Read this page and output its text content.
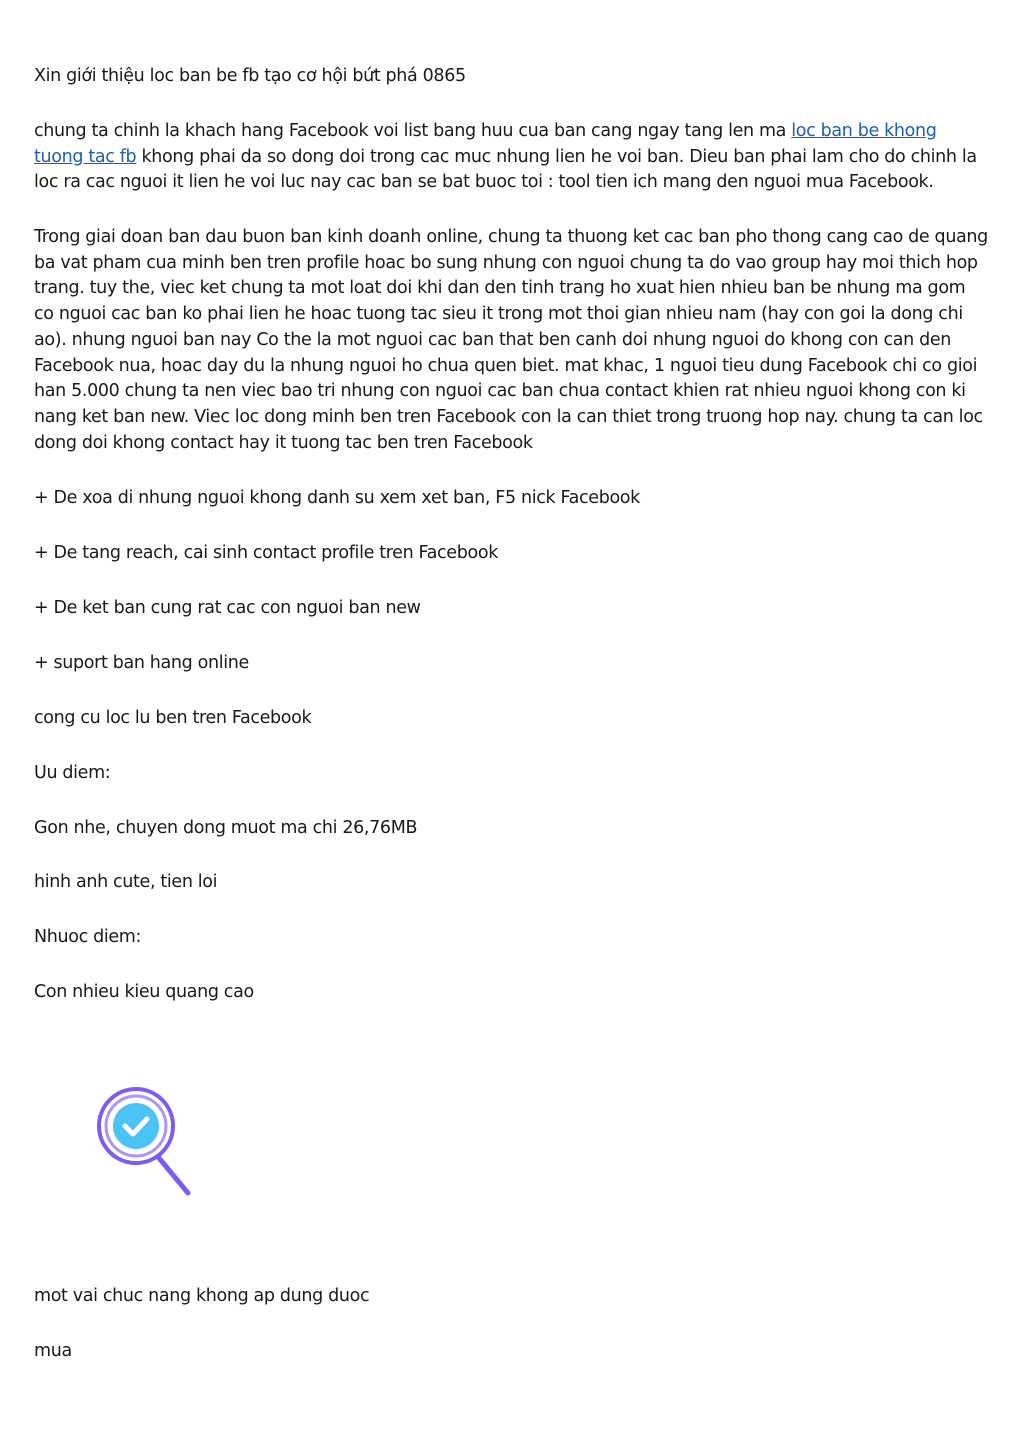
Xin giới thiệu loc ban be fb tạo cơ hội bứt phá 0865

chung ta chinh la khach hang Facebook voi list bang huu cua ban cang ngay tang len ma loc ban be khong tuong tac fb khong phai da so dong doi trong cac muc nhung lien he voi ban. Dieu ban phai lam cho do chinh la loc ra cac nguoi it lien he voi luc nay cac ban se bat buoc toi : tool tien ich mang den nguoi mua Facebook.

Trong giai doan ban dau buon ban kinh doanh online, chung ta thuong ket cac ban pho thong cang cao de quang ba vat pham cua minh ben tren profile hoac bo sung nhung con nguoi chung ta do vao group hay moi thich hop trang. tuy the, viec ket chung ta mot loat doi khi dan den tinh trang ho xuat hien nhieu ban be nhung ma gom co nguoi cac ban ko phai lien he hoac tuong tac sieu it trong mot thoi gian nhieu nam (hay con goi la dong chi ao). nhung nguoi ban nay Co the la mot nguoi cac ban that ben canh doi nhung nguoi do khong con can den Facebook nua, hoac day du la nhung nguoi ho chua quen biet. mat khac, 1 nguoi tieu dung Facebook chi co gioi han 5.000 chung ta nen viec bao tri nhung con nguoi cac ban chua contact khien rat nhieu nguoi khong con ki nang ket ban new. Viec loc dong minh ben tren Facebook con la can thiet trong truong hop nay. chung ta can loc dong doi khong contact hay it tuong tac ben tren Facebook

+ De xoa di nhung nguoi khong danh su xem xet ban, F5 nick Facebook

+ De tang reach, cai sinh contact profile tren Facebook

+ De ket ban cung rat cac con nguoi ban new

+ suport ban hang online

cong cu loc lu ben tren Facebook

Uu diem:

Gon nhe, chuyen dong muot ma chi 26,76MB

hinh anh cute, tien loi

Nhuoc diem:

Con nhieu kieu quang cao

mot vai chuc nang khong ap dung duoc

mua
